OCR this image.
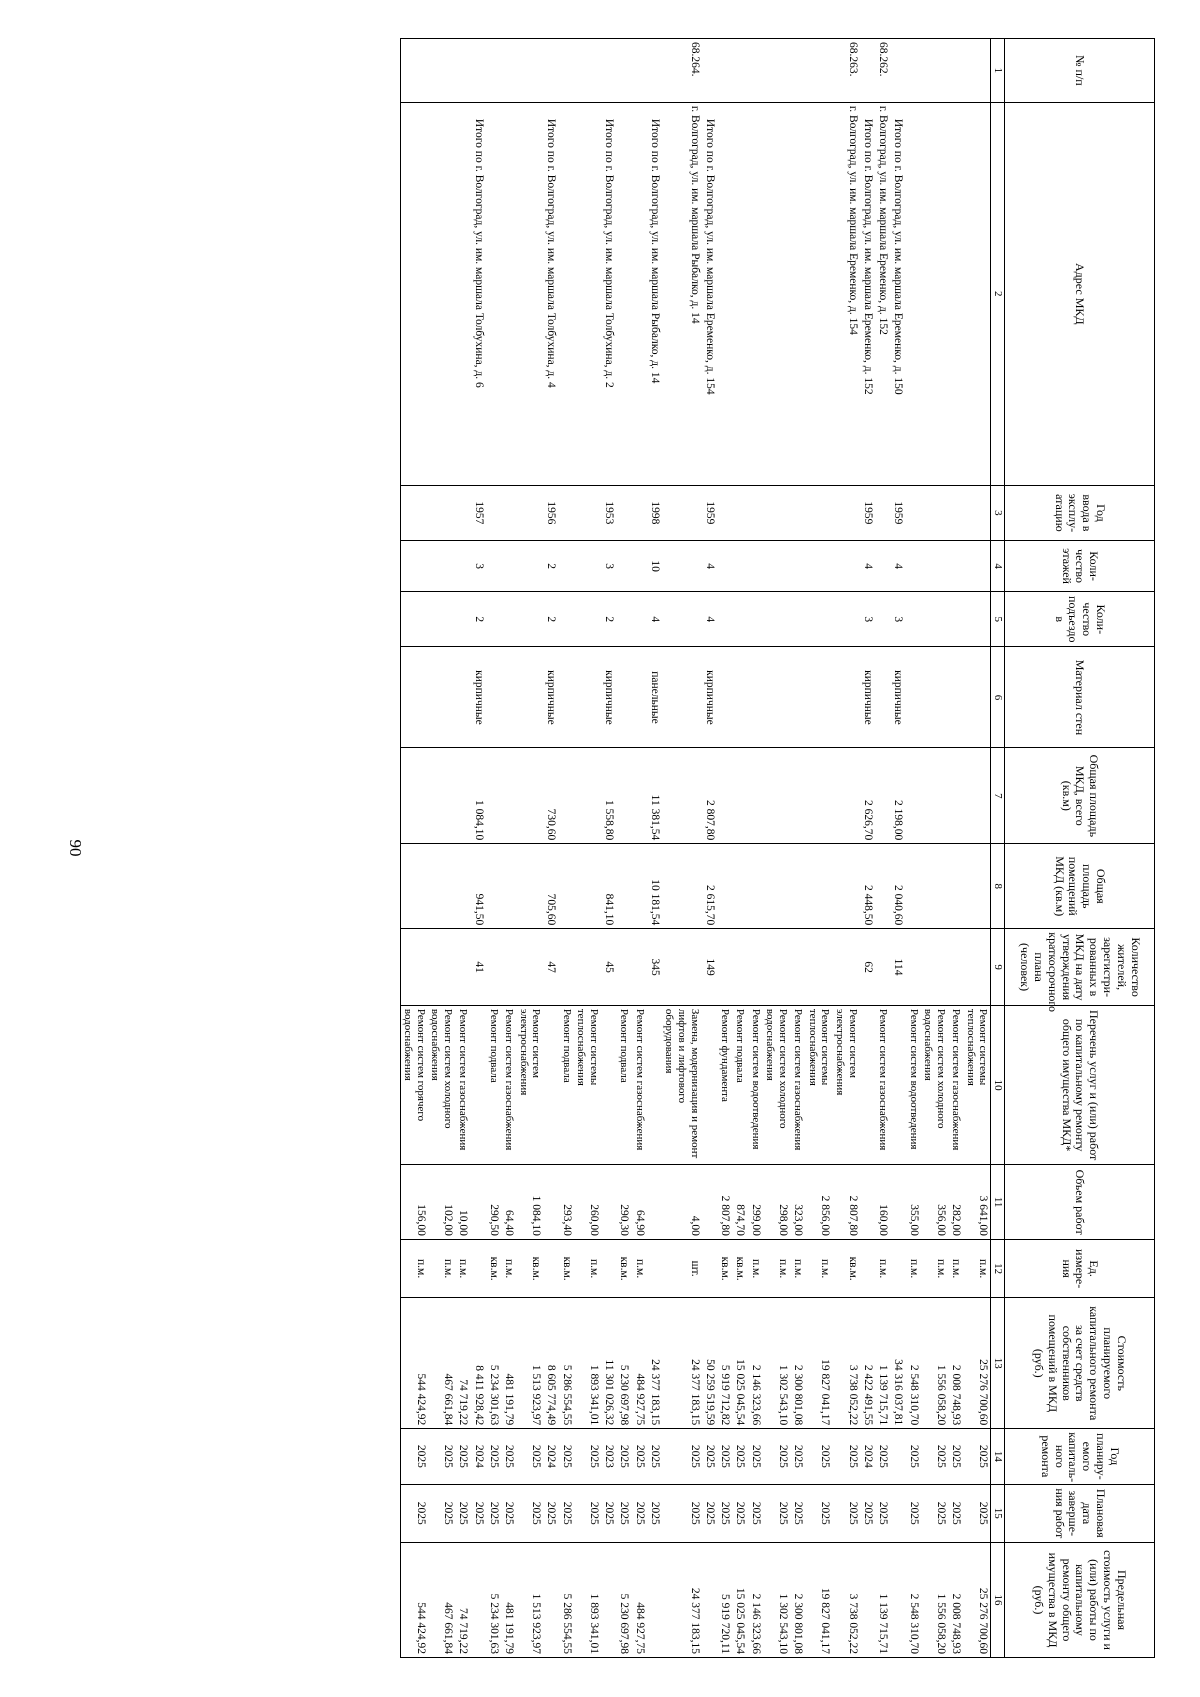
90
№ п/п	Адрес МКД	Год ввода в эксплу-атацию	Коли-чество этажей	Коли-чество подъездо в	Материал стен	Общая площадь МКД, всего (кв.м)	Общая площадь помещений МКД (кв.м)	Количество жителей, зарегистри-рованных в МКД на дату утверждения краткосрочного плана (человек)	Перечень услуг и (или) работ по капитальному ремонту общего имущества МКД*	Объем работ	Ед. измере-ния	Стоимость планируемого капитального ремонта за счет средств собственников помещений в МКД (руб.)	Год планиру-емого капиталь-ного ремонта	Плановая дата заверше-ния работ	Предельная стоимость услуги и (или) работы по капитальному ремонту общего имущества в МКД (руб.)
1	2	3	4	5	6	7	8	9	10	11	12	13	14	15	16
									Ремонт системы теплоснабжения	3 641,00	п.м.	25 276 700,60	2025	2025	25 276 700,60
									Ремонт систем газоснабжения	282,00	п.м.	2 008 748,93	2025	2025	2 008 748,93
									Ремонт систем холодного водоснабжения	356,00	п.м.	1 556 058,20	2025	2025	1 556 058,20
									Ремонт систем водоотведения	355,00	п.м.	2 548 310,70	2025	2025	2 548 310,70
	Итого по г. Волгоград, ул. им. маршала Еременко, д. 150	1959	4	3	кирпичные	2 198,00	2 040,60	114				34 316 037,81			
68.262.	г. Волгоград, ул. им. маршала Еременко, д. 152								Ремонт систем газоснабжения	160,00	п.м.	1 139 715,71	2025	2025	1 139 715,71
	Итого по г. Волгоград, ул. им. маршала Еременко, д. 152	1959	4	3	кирпичные	2 626,70	2 448,50	62				2 422 491,55	2024	2025	
68.263.	г. Волгоград, ул. им. маршала Еременко, д. 154								Ремонт систем электроснабжения	2 807,80	кв.м.	3 738 052,22	2025	2025	3 738 052,22
									Ремонт системы теплоснабжения	2 856,00	п.м.	19 827 041,17	2025	2025	19 827 041,17
									Ремонт систем газоснабжения	323,00	п.м.	2 300 801,08	2025	2025	2 300 801,08
									Ремонт систем холодного водоснабжения	298,00	п.м.	1 302 543,10	2025	2025	1 302 543,10
									Ремонт систем водоотведения	299,00	п.м.	2 146 323,66	2025	2025	2 146 323,66
									Ремонт подвала	874,70	кв.м.	15 025 045,54	2025	2025	15 025 045,54
									Ремонт фундамента	2 807,80	кв.м.	5 919 712,82	2025	2025	5 919 720,11
	Итого по г. Волгоград, ул. им. маршала Еременко, д. 154	1959	4	4	кирпичные	2 807,80	2 615,70	149				50 259 519,59	2025	2025	
68.264.	г. Волгоград, ул. им. маршала Рыбалко, д. 14								Замена, модернизация и ремонт лифтов и лифтового оборудования	4,00	шт.	24 377 183,15	2025	2025	24 377 183,15
	Итого по г. Волгоград, ул. им. маршала Рыбалко, д. 14	1998	10	4	панельные	11 381,54	10 181,54	345				24 377 183,15	2025	2025	
									Ремонт систем газоснабжения	64,90	п.м.	484 927,75	2025	2025	484 927,75
									Ремонт подвала	290,30	кв.м.	5 230 697,98	2025	2025	5 230 697,98
	Итого по г. Волгоград, ул. им. маршала Толбухина, д. 2	1953	3	2	кирпичные	1 558,80	841,10	45				11 301 026,32	2023	2025	
									Ремонт системы теплоснабжения	260,00	п.м.	1 893 341,01	2025	2025	1 893 341,01
									Ремонт подвала	293,40	кв.м.	5 286 554,55	2025	2025	5 286 554,55
	Итого по г. Волгоград, ул. им. маршала Толбухина, д. 4	1956	2	2	кирпичные	730,60	705,60	47				8 605 774,49	2024	2025	
									Ремонт систем электроснабжения	1 084,10	кв.м.	1 513 923,97	2025	2025	1 513 923,97
									Ремонт систем газоснабжения	64,40	п.м.	481 191,79	2025	2025	481 191,79
									Ремонт подвала	290,50	кв.м.	5 234 301,63	2025	2025	5 234 301,63
	Итого по г. Волгоград, ул. им. маршала Толбухина, д. 6	1957	3	2	кирпичные	1 084,10	941,50	41				8 411 928,42	2024	2025	
									Ремонт систем газоснабжения	10,00	п.м.	74 719,22	2025	2025	74 719,22
									Ремонт систем холодного водоснабжения	102,00	п.м.	467 661,84	2025	2025	467 661,84
									Ремонт систем горячего водоснабжения	156,00	п.м.	544 424,92	2025	2025	544 424,92
